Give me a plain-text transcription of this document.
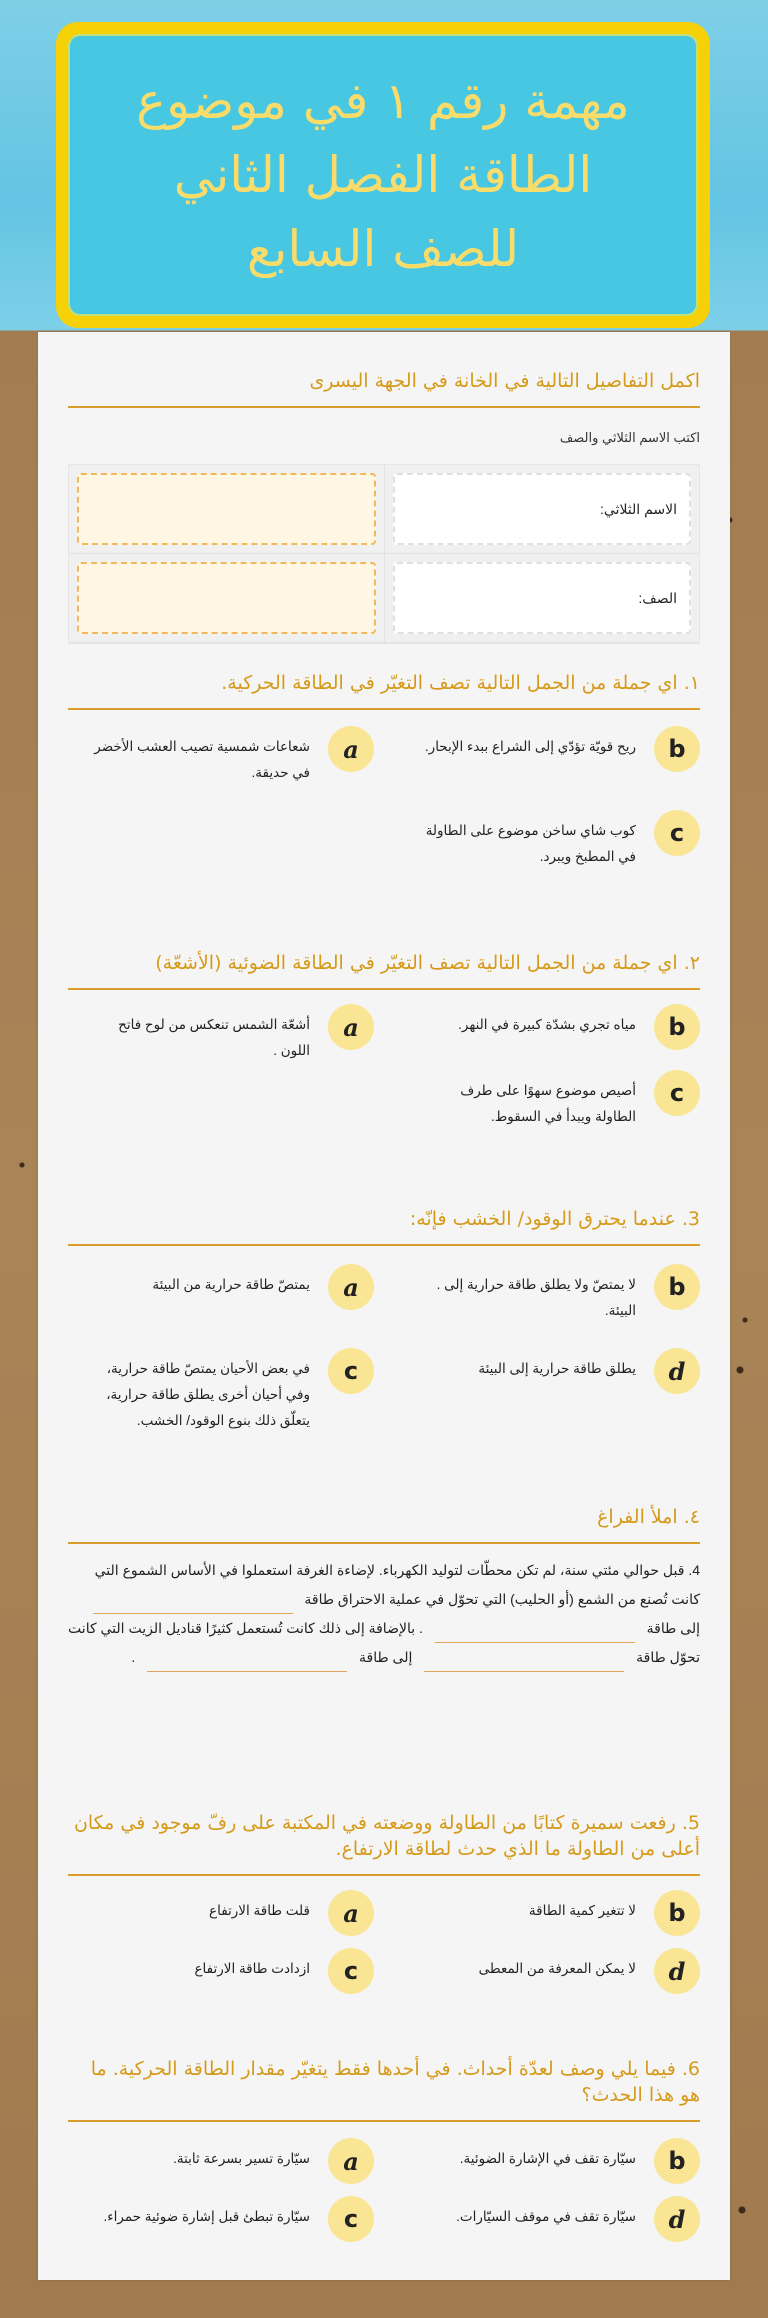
مهمة رقم ١ في موضوع الطاقة الفصل الثاني للصف السابع
اكمل التفاصيل التالية في الخانة في الجهة اليسرى

اكتب الاسم الثلاثي والصف

الاسم الثلاثي:
الصف:
١. اي جملة من الجمل التالية تصف التغيّر في الطاقة الحركية.
b
ريح قويّة تؤدّي إلى الشراع ببدء الإبحار.
a
شعاعات شمسية تصيب العشب الأخضر في حديقة.
c
كوب شاي ساخن موضوع على الطاولة في المطبخ ويبرد.
٢. اي جملة من الجمل التالية تصف التغيّر في الطاقة الضوئية (الأشعّة)
b
مياه تجري بشدّة كبيرة في النهر.
a
أشعّة الشمس تنعكس من لوح فاتح اللون .
c
أصيص موضوع سهوًا على طرف الطاولة ويبدأ في السقوط.
3. عندما يحترق الوقود/ الخشب فإنّه:
b
لا يمتصّ ولا يطلق طاقة حرارية إلى . البيئة.
a
يمتصّ طاقة حرارية من البيئة
d
يطلق طاقة حرارية إلى البيئة
c
في بعض الأحيان يمتصّ طاقة حرارية، وفي أحيان أخرى يطلق طاقة حرارية، يتعلّق ذلك بنوع الوقود/ الخشب.
٤. املأ الفراغ

4. قبل حوالي مئتي سنة، لم تكن محطّات لتوليد الكهرباء. لإضاءة الغرفة استعملوا في الأساس الشموع التي كانت تُصنع من الشمع (أو الحليب) التي تحوّل في عملية الاحتراق طاقة  إلى طاقة  . بالإضافة إلى ذلك كانت تُستعمل كثيرًا قناديل الزيت التي كانت تحوّل طاقة  إلى طاقة  .

5. رفعت سميرة كتابًا من الطاولة ووضعته في المكتبة على رفّ موجود في مكان أعلى من الطاولة ما الذي حدث لطاقة الارتفاع.
b
لا تتغير كمية الطاقة
a
قلت طاقة الارتفاع
d
لا يمكن المعرفة من المعطى
c
ازدادت طاقة الارتفاع
6. فيما يلي وصف لعدّة أحداث. في أحدها فقط يتغيّر مقدار الطاقة الحركية. ما هو هذا الحدث؟
b
سيّارة تقف في الإشارة الضوئية.
a
سيّارة تسير بسرعة ثابتة.
d
سيّارة تقف في موقف السيّارات.
c
سيّارة تبطئ قبل إشارة ضوئية حمراء.
